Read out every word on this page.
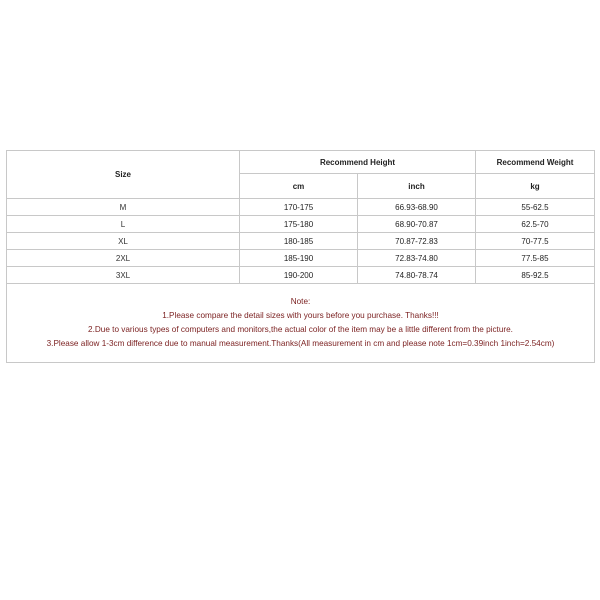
Size	Recommend Height		Recommend Weight
	cm	inch	kg
M	170-175	66.93-68.90	55-62.5
L	175-180	68.90-70.87	62.5-70
XL	180-185	70.87-72.83	70-77.5
2XL	185-190	72.83-74.80	77.5-85
3XL	190-200	74.80-78.74	85-92.5

Note:
1.Please compare the detail sizes with yours before you purchase. Thanks!!!
2.Due to various types of computers and monitors,the actual color of the item may be a little different from the picture.
3.Please allow 1-3cm difference due to manual measurement.Thanks(All measurement in cm and please note 1cm=0.39inch 1inch=2.54cm)			
